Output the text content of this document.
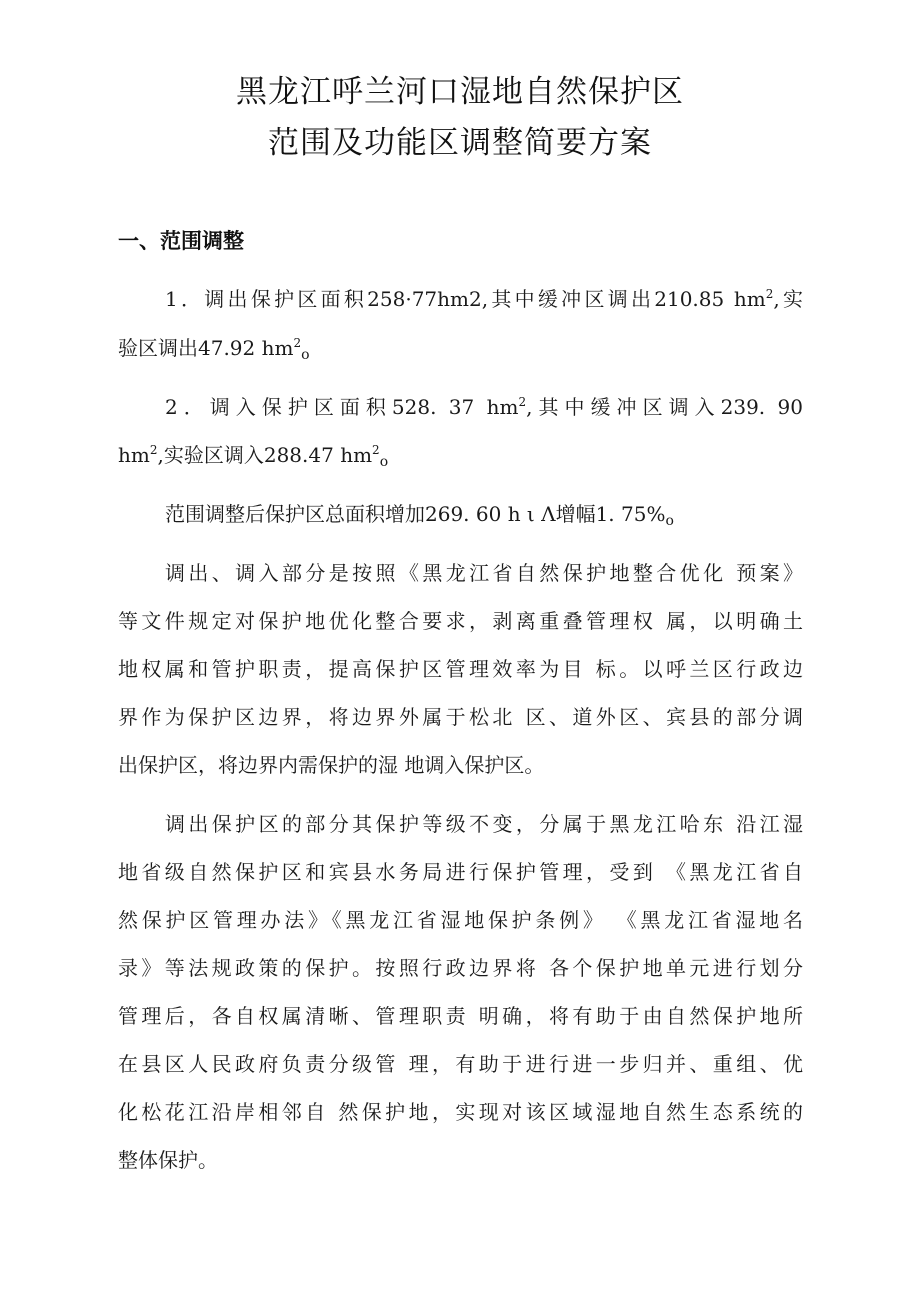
黑龙江呼兰河口湿地自然保护区
范围及功能区调整简要方案
一、范围调整
1．调出保护区面积258·77hm2,其中缓冲区调出210.85 $hm^2$,实
验区调出47.92 $hm^2_o$
2．调入保护区面积528. 37 $hm^2$,其中缓冲区调入239. 90
$hm^2$,实验区调入288.47 $hm^2_o$
范围调整后保护区总面积增加269. 60 h ι Λ增幅1. $75\%_o$
调出、调入部分是按照《黑龙江省自然保护地整合优化 预案》
等文件规定对保护地优化整合要求，剥离重叠管理权 属，以明确土
地权属和管护职责，提高保护区管理效率为目 标。以呼兰区行政边
界作为保护区边界，将边界外属于松北 区、道外区、宾县的部分调
出保护区，将边界内需保护的湿 地调入保护区。
调出保护区的部分其保护等级不变，分属于黑龙江哈东 沿江湿
地省级自然保护区和宾县水务局进行保护管理，受到 《黑龙江省自
然保护区管理办法》《黑龙江省湿地保护条例》 《黑龙江省湿地名
录》等法规政策的保护。按照行政边界将 各个保护地单元进行划分
管理后，各自权属清晰、管理职责 明确，将有助于由自然保护地所
在县区人民政府负责分级管 理，有助于进行进一步归并、重组、优
化松花江沿岸相邻自 然保护地，实现对该区域湿地自然生态系统的
整体保护。
